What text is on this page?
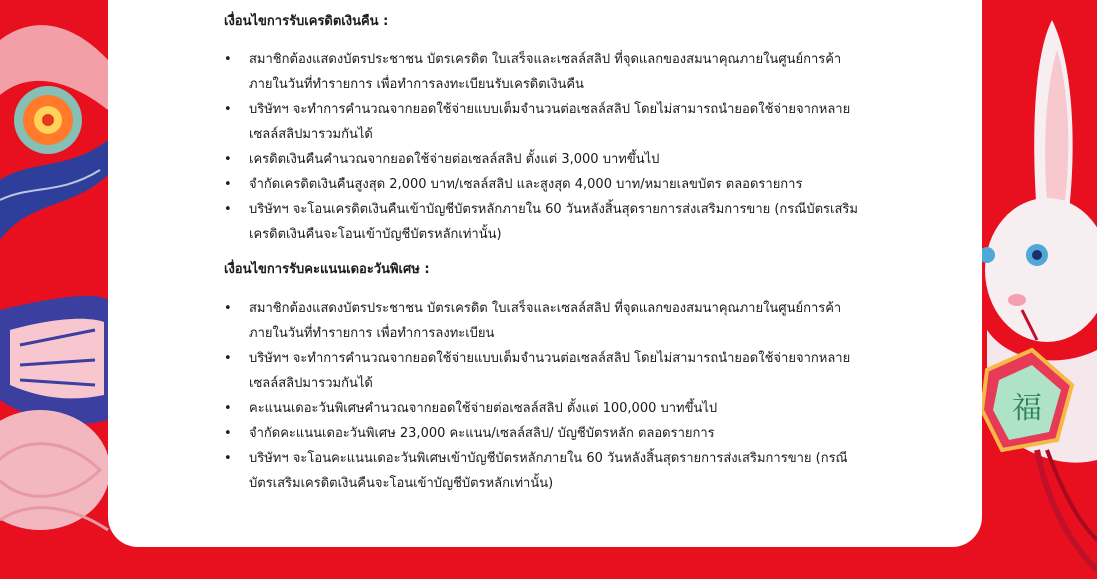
福
เงื่อนไขการรับเครดิตเงินคืน :
• สมาชิกต้องแสดงบัตรประชาชน บัตรเครดิต ใบเสร็จและเซลล์สลิป ที่จุดแลกของสมนาคุณภายในศูนย์การค้า
ภายในวันที่ทำรายการ เพื่อทำการลงทะเบียนรับเครดิตเงินคืน
• บริษัทฯ จะทำการคำนวณจากยอดใช้จ่ายแบบเต็มจำนวนต่อเซลล์สลิป โดยไม่สามารถนำยอดใช้จ่ายจากหลาย
เซลล์สลิปมารวมกันได้
• เครดิตเงินคืนคำนวณจากยอดใช้จ่ายต่อเซลล์สลิป ตั้งแต่ 3,000 บาทขึ้นไป
• จำกัดเครดิตเงินคืนสูงสุด 2,000 บาท/เซลล์สลิป และสูงสุด 4,000 บาท/หมายเลขบัตร ตลอดรายการ
• บริษัทฯ จะโอนเครดิตเงินคืนเข้าบัญชีบัตรหลักภายใน 60 วันหลังสิ้นสุดรายการส่งเสริมการขาย (กรณีบัตรเสริม
เครดิตเงินคืนจะโอนเข้าบัญชีบัตรหลักเท่านั้น)
เงื่อนไขการรับคะแนนเดอะวันพิเศษ :
• สมาชิกต้องแสดงบัตรประชาชน บัตรเครดิต ใบเสร็จและเซลล์สลิป ที่จุดแลกของสมนาคุณภายในศูนย์การค้า
ภายในวันที่ทำรายการ เพื่อทำการลงทะเบียน
• บริษัทฯ จะทำการคำนวณจากยอดใช้จ่ายแบบเต็มจำนวนต่อเซลล์สลิป โดยไม่สามารถนำยอดใช้จ่ายจากหลาย
เซลล์สลิปมารวมกันได้
• คะแนนเดอะวันพิเศษคำนวณจากยอดใช้จ่ายต่อเซลล์สลิป ตั้งแต่ 100,000 บาทขึ้นไป
• จำกัดคะแนนเดอะวันพิเศษ 23,000 คะแนน/เซลล์สลิป/ บัญชีบัตรหลัก ตลอดรายการ
• บริษัทฯ จะโอนคะแนนเดอะวันพิเศษเข้าบัญชีบัตรหลักภายใน 60 วันหลังสิ้นสุดรายการส่งเสริมการขาย (กรณี
บัตรเสริมเครดิตเงินคืนจะโอนเข้าบัญชีบัตรหลักเท่านั้น)
